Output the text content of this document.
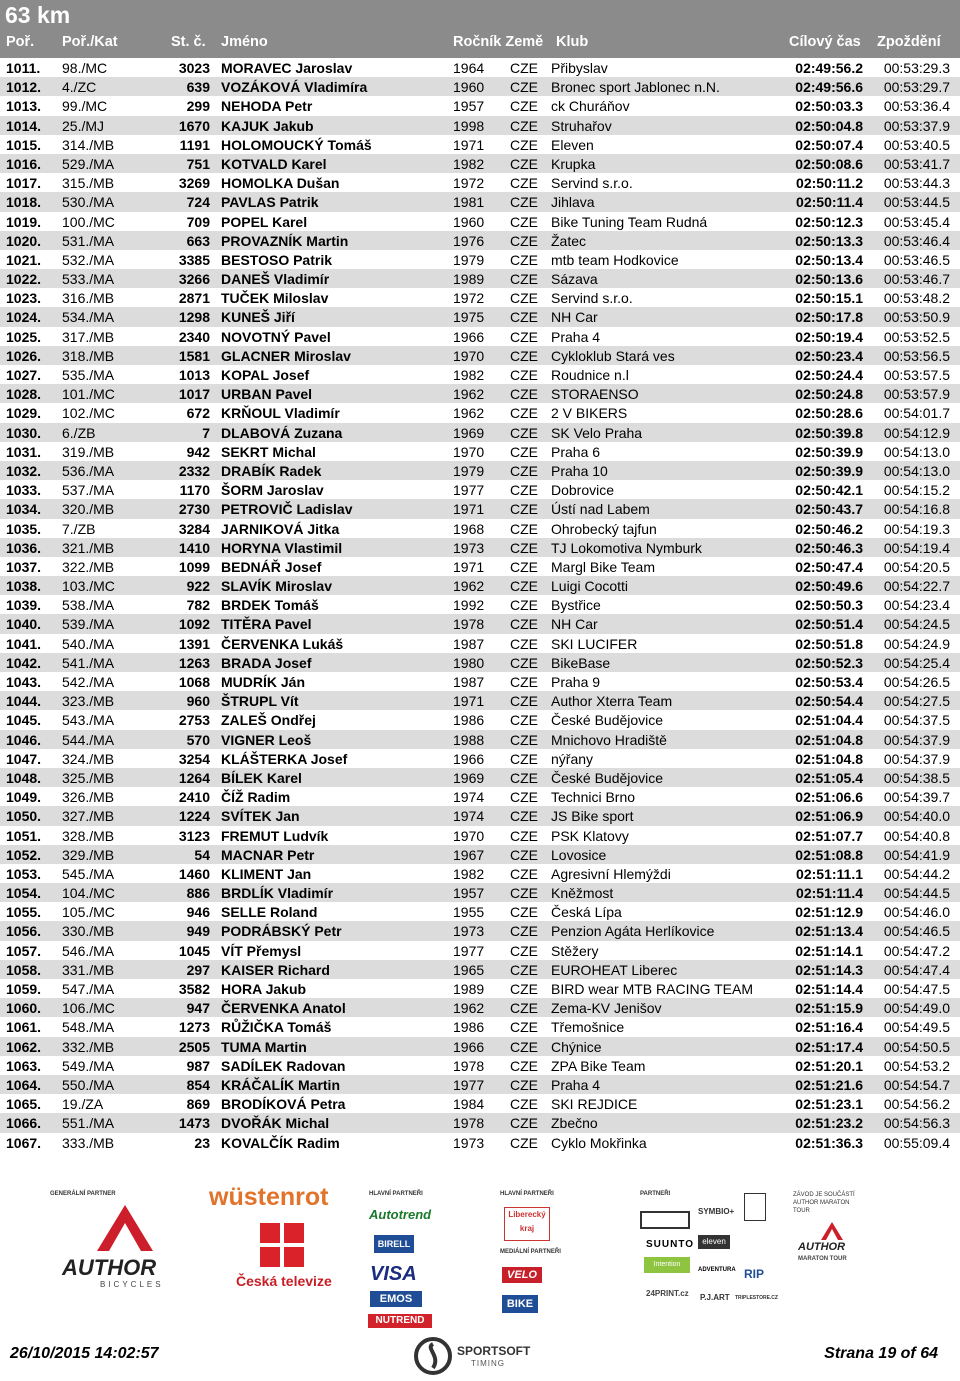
63 km
Poř. Poř./Kat	St. č. Jméno	Ročník Země Klub	Cílový čas Zpoždění
1011. 98./MC	3023 MORAVEC Jaroslav	1964 CZE Přibyslav	02:49:56.2 00:53:29.3
1012. 4./ZC	639 VOZÁKOVÁ Vladimíra	1960 CZE Bronec sport Jablonec n.N.	02:49:56.6 00:53:29.7
1013. 99./MC	299 NEHODA Petr	1957 CZE ck Churáňov	02:50:03.3 00:53:36.4
1014. 25./MJ	1670 KAJUK Jakub	1998 CZE Struhařov	02:50:04.8 00:53:37.9
1015. 314./MB	1191 HOLOMOUCKÝ Tomáš	1971 CZE Eleven	02:50:07.4 00:53:40.5
1016. 529./MA	751 KOTVALD Karel	1982 CZE Krupka	02:50:08.6 00:53:41.7
1017. 315./MB	3269 HOMOLKA Dušan	1972 CZE Servind s.r.o.	02:50:11.2 00:53:44.3
1018. 530./MA	724 PAVLAS Patrik	1981 CZE Jihlava	02:50:11.4 00:53:44.5
1019. 100./MC	709 POPEL Karel	1960 CZE Bike Tuning Team Rudná	02:50:12.3 00:53:45.4
1020. 531./MA	663 PROVAZNÍK Martin	1976 CZE Žatec	02:50:13.3 00:53:46.4
1021. 532./MA	3385 BESTOSO Patrik	1979 CZE mtb team Hodkovice	02:50:13.4 00:53:46.5
1022. 533./MA	3266 DANEŠ Vladimír	1989 CZE Sázava	02:50:13.6 00:53:46.7
1023. 316./MB	2871 TUČEK Miloslav	1972 CZE Servind s.r.o.	02:50:15.1 00:53:48.2
1024. 534./MA	1298 KUNEŠ Jiří	1975 CZE NH Car	02:50:17.8 00:53:50.9
1025. 317./MB	2340 NOVOTNÝ Pavel	1966 CZE Praha 4	02:50:19.4 00:53:52.5
1026. 318./MB	1581 GLACNER Miroslav	1970 CZE Cykloklub Stará ves	02:50:23.4 00:53:56.5
1027. 535./MA	1013 KOPAL Josef	1982 CZE Roudnice n.l	02:50:24.4 00:53:57.5
1028. 101./MC	1017 URBAN Pavel	1962 CZE STORAENSO	02:50:24.8 00:53:57.9
1029. 102./MC	672 KRŇOUL Vladimír	1962 CZE 2 V BIKERS	02:50:28.6 00:54:01.7
1030. 6./ZB	7 DLABOVÁ Zuzana	1969 CZE SK Velo Praha	02:50:39.8 00:54:12.9
1031. 319./MB	942 SEKRT Michal	1970 CZE Praha 6	02:50:39.9 00:54:13.0
1032. 536./MA	2332 DRABÍK Radek	1979 CZE Praha 10	02:50:39.9 00:54:13.0
1033. 537./MA	1170 ŠORM Jaroslav	1977 CZE Dobrovice	02:50:42.1 00:54:15.2
1034. 320./MB	2730 PETROVIČ Ladislav	1971 CZE Ústí nad Labem	02:50:43.7 00:54:16.8
1035. 7./ZB	3284 JARNIKOVÁ Jitka	1968 CZE Ohrobecký tajfun	02:50:46.2 00:54:19.3
1036. 321./MB	1410 HORYNA Vlastimil	1973 CZE TJ Lokomotiva Nymburk	02:50:46.3 00:54:19.4
1037. 322./MB	1099 BEDNÁŘ Josef	1971 CZE Margl Bike Team	02:50:47.4 00:54:20.5
1038. 103./MC	922 SLAVÍK Miroslav	1962 CZE Luigi Cocotti	02:50:49.6 00:54:22.7
1039. 538./MA	782 BRDEK Tomáš	1992 CZE Bystřice	02:50:50.3 00:54:23.4
1040. 539./MA	1092 TITĚRA Pavel	1978 CZE NH Car	02:50:51.4 00:54:24.5
1041. 540./MA	1391 ČERVENKA Lukáš	1987 CZE SKI LUCIFER	02:50:51.8 00:54:24.9
1042. 541./MA	1263 BRADA Josef	1980 CZE BikeBase	02:50:52.3 00:54:25.4
1043. 542./MA	1068 MUDRÍK Ján	1987 CZE Praha 9	02:50:53.4 00:54:26.5
1044. 323./MB	960 ŠTRUPL Vít	1971 CZE Author Xterra Team	02:50:54.4 00:54:27.5
1045. 543./MA	2753 ZALEŠ Ondřej	1986 CZE České Budějovice	02:51:04.4 00:54:37.5
1046. 544./MA	570 VIGNER Leoš	1988 CZE Mnichovo Hradiště	02:51:04.8 00:54:37.9
1047. 324./MB	3254 KLÁŠTERKA Josef	1966 CZE nýřany	02:51:04.8 00:54:37.9
1048. 325./MB	1264 BÍLEK Karel	1969 CZE České Budějovice	02:51:05.4 00:54:38.5
1049. 326./MB	2410 ČÍŽ Radim	1974 CZE Technici Brno	02:51:06.6 00:54:39.7
1050. 327./MB	1224 SVÍTEK Jan	1974 CZE JS Bike sport	02:51:06.9 00:54:40.0
1051. 328./MB	3123 FREMUT Ludvík	1970 CZE PSK Klatovy	02:51:07.7 00:54:40.8
1052. 329./MB	54 MACNAR Petr	1967 CZE Lovosice	02:51:08.8 00:54:41.9
1053. 545./MA	1460 KLIMENT Jan	1982 CZE Agresivní Hlemýždi	02:51:11.1 00:54:44.2
1054. 104./MC	886 BRDLÍK Vladimír	1957 CZE Kněžmost	02:51:11.4 00:54:44.5
1055. 105./MC	946 SELLE Roland	1955 CZE Česká Lípa	02:51:12.9 00:54:46.0
1056. 330./MB	949 PODRÁBSKÝ Petr	1973 CZE Penzion Agáta Herlíkovice	02:51:13.4 00:54:46.5
1057. 546./MA	1045 VÍT Přemysl	1977 CZE Stěžery	02:51:14.1 00:54:47.2
1058. 331./MB	297 KAISER Richard	1965 CZE EUROHEAT Liberec	02:51:14.3 00:54:47.4
1059. 547./MA	3582 HORA Jakub	1989 CZE BIRD wear MTB RACING TEAM	02:51:14.4 00:54:47.5
1060. 106./MC	947 ČERVENKA Anatol	1962 CZE Zema-KV Jenišov	02:51:15.9 00:54:49.0
1061. 548./MA	1273 RŮŽIČKA Tomáš	1986 CZE Třemošnice	02:51:16.4 00:54:49.5
1062. 332./MB	2505 TUMA Martin	1966 CZE Chýnice	02:51:17.4 00:54:50.5
1063. 549./MA	987 SADÍLEK Radovan	1978 CZE ZPA Bike Team	02:51:20.1 00:54:53.2
1064. 550./MA	854 KRÁČALÍK Martin	1977 CZE Praha 4	02:51:21.6 00:54:54.7
1065. 19./ZA	869 BRODÍKOVÁ Petra	1984 CZE SKI REJDICE	02:51:23.1 00:54:56.2
1066. 551./MA	1473 DVOŘÁK Michal	1978 CZE Zbečno	02:51:23.2 00:54:56.3
1067. 333./MB	23 KOVALČÍK Radim	1973 CZE Cyklo Mokřinka	02:51:36.3 00:55:09.4
GENERÁLNÍ PARTNER
AUTHOR
BICYCLES
wüstenrot
Česká televize
HLAVNÍ PARTNEŘI
Autotrend
BIRELL
VISA
EMOS
NUTREND
HLAVNÍ PARTNEŘI
Liberecký kraj
MEDIÁLNÍ PARTNEŘI
VELO
BIKE
PARTNEŘI
SUUNTO
SYMBIO+
eleven
Intention
ADVENTURA RIP
24PRINT.cz P.J.ART TRIPLESTORE.CZ
ZÁVOD JE SOUČÁSTÍ AUTHOR MARATON TOUR
AUTHOR
MARATON TOUR
26/10/2015 14:02:57	SPORTSOFT
TIMING
Strana 19 of 64
